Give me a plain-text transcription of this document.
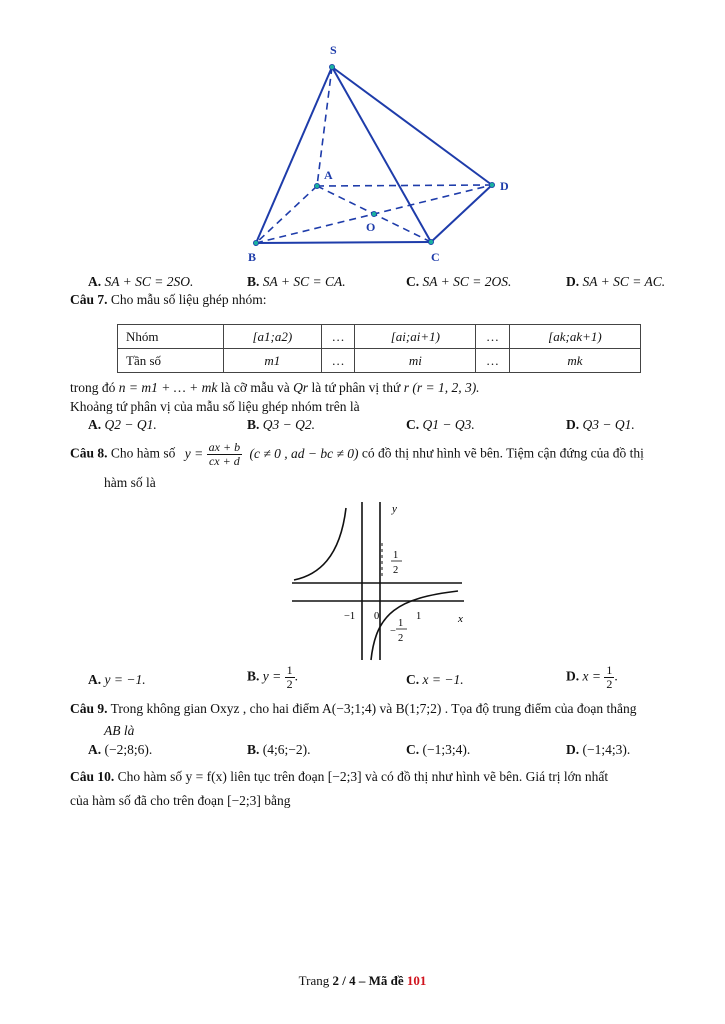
S
A
D
O
B	C
A. SA + SC = 2SO.	B. SA + SC = CA.	C. SA + SC = 2OS.	D. SA + SC = AC.
Câu 7. Cho mẫu số liệu ghép nhóm:
Nhóm	[a1;a2)	…	[ai;ai+1)	…	[ak;ak+1)
Tần số	m1	…	mi	…	mk
trong đó n = m1 + … + mk là cỡ mẫu và Qr là tứ phân vị thứ r (r = 1, 2, 3).
Khoảng tứ phân vị của mẫu số liệu ghép nhóm trên là
A. Q2 − Q1.	B. Q3 − Q2.	C. Q1 − Q3.	D. Q3 − Q1.
Câu 8. Cho hàm số $y = \frac{ax + b}{cx + d} (c \ne 0$ , ad − bc ≠ 0) có đồ thị như hình vẽ bên. Tiệm cận đứng của đồ thị
hàm số là
y
x
−1 0	1
1
2
−
1
2
A. y = −1.	B. $y = \frac{1}{2}$ .	C. x = −1.	D. $x = \frac{1}{2}$ .
Câu 9. Trong không gian Oxyz , cho hai điểm A(−3;1;4) và B(1;7;2) . Tọa độ trung điểm của đoạn thẳng
AB là
A. (−2;8;6).	B. (4;6;−2).	C. (−1;3;4).	D. (−1;4;3).
Câu 10. Cho hàm số y = f(x) liên tục trên đoạn [−2;3] và có đồ thị như hình vẽ bên. Giá trị lớn nhất
của hàm số đã cho trên đoạn [−2;3] bằng
Trang 2 / 4 – Mã đề 101
